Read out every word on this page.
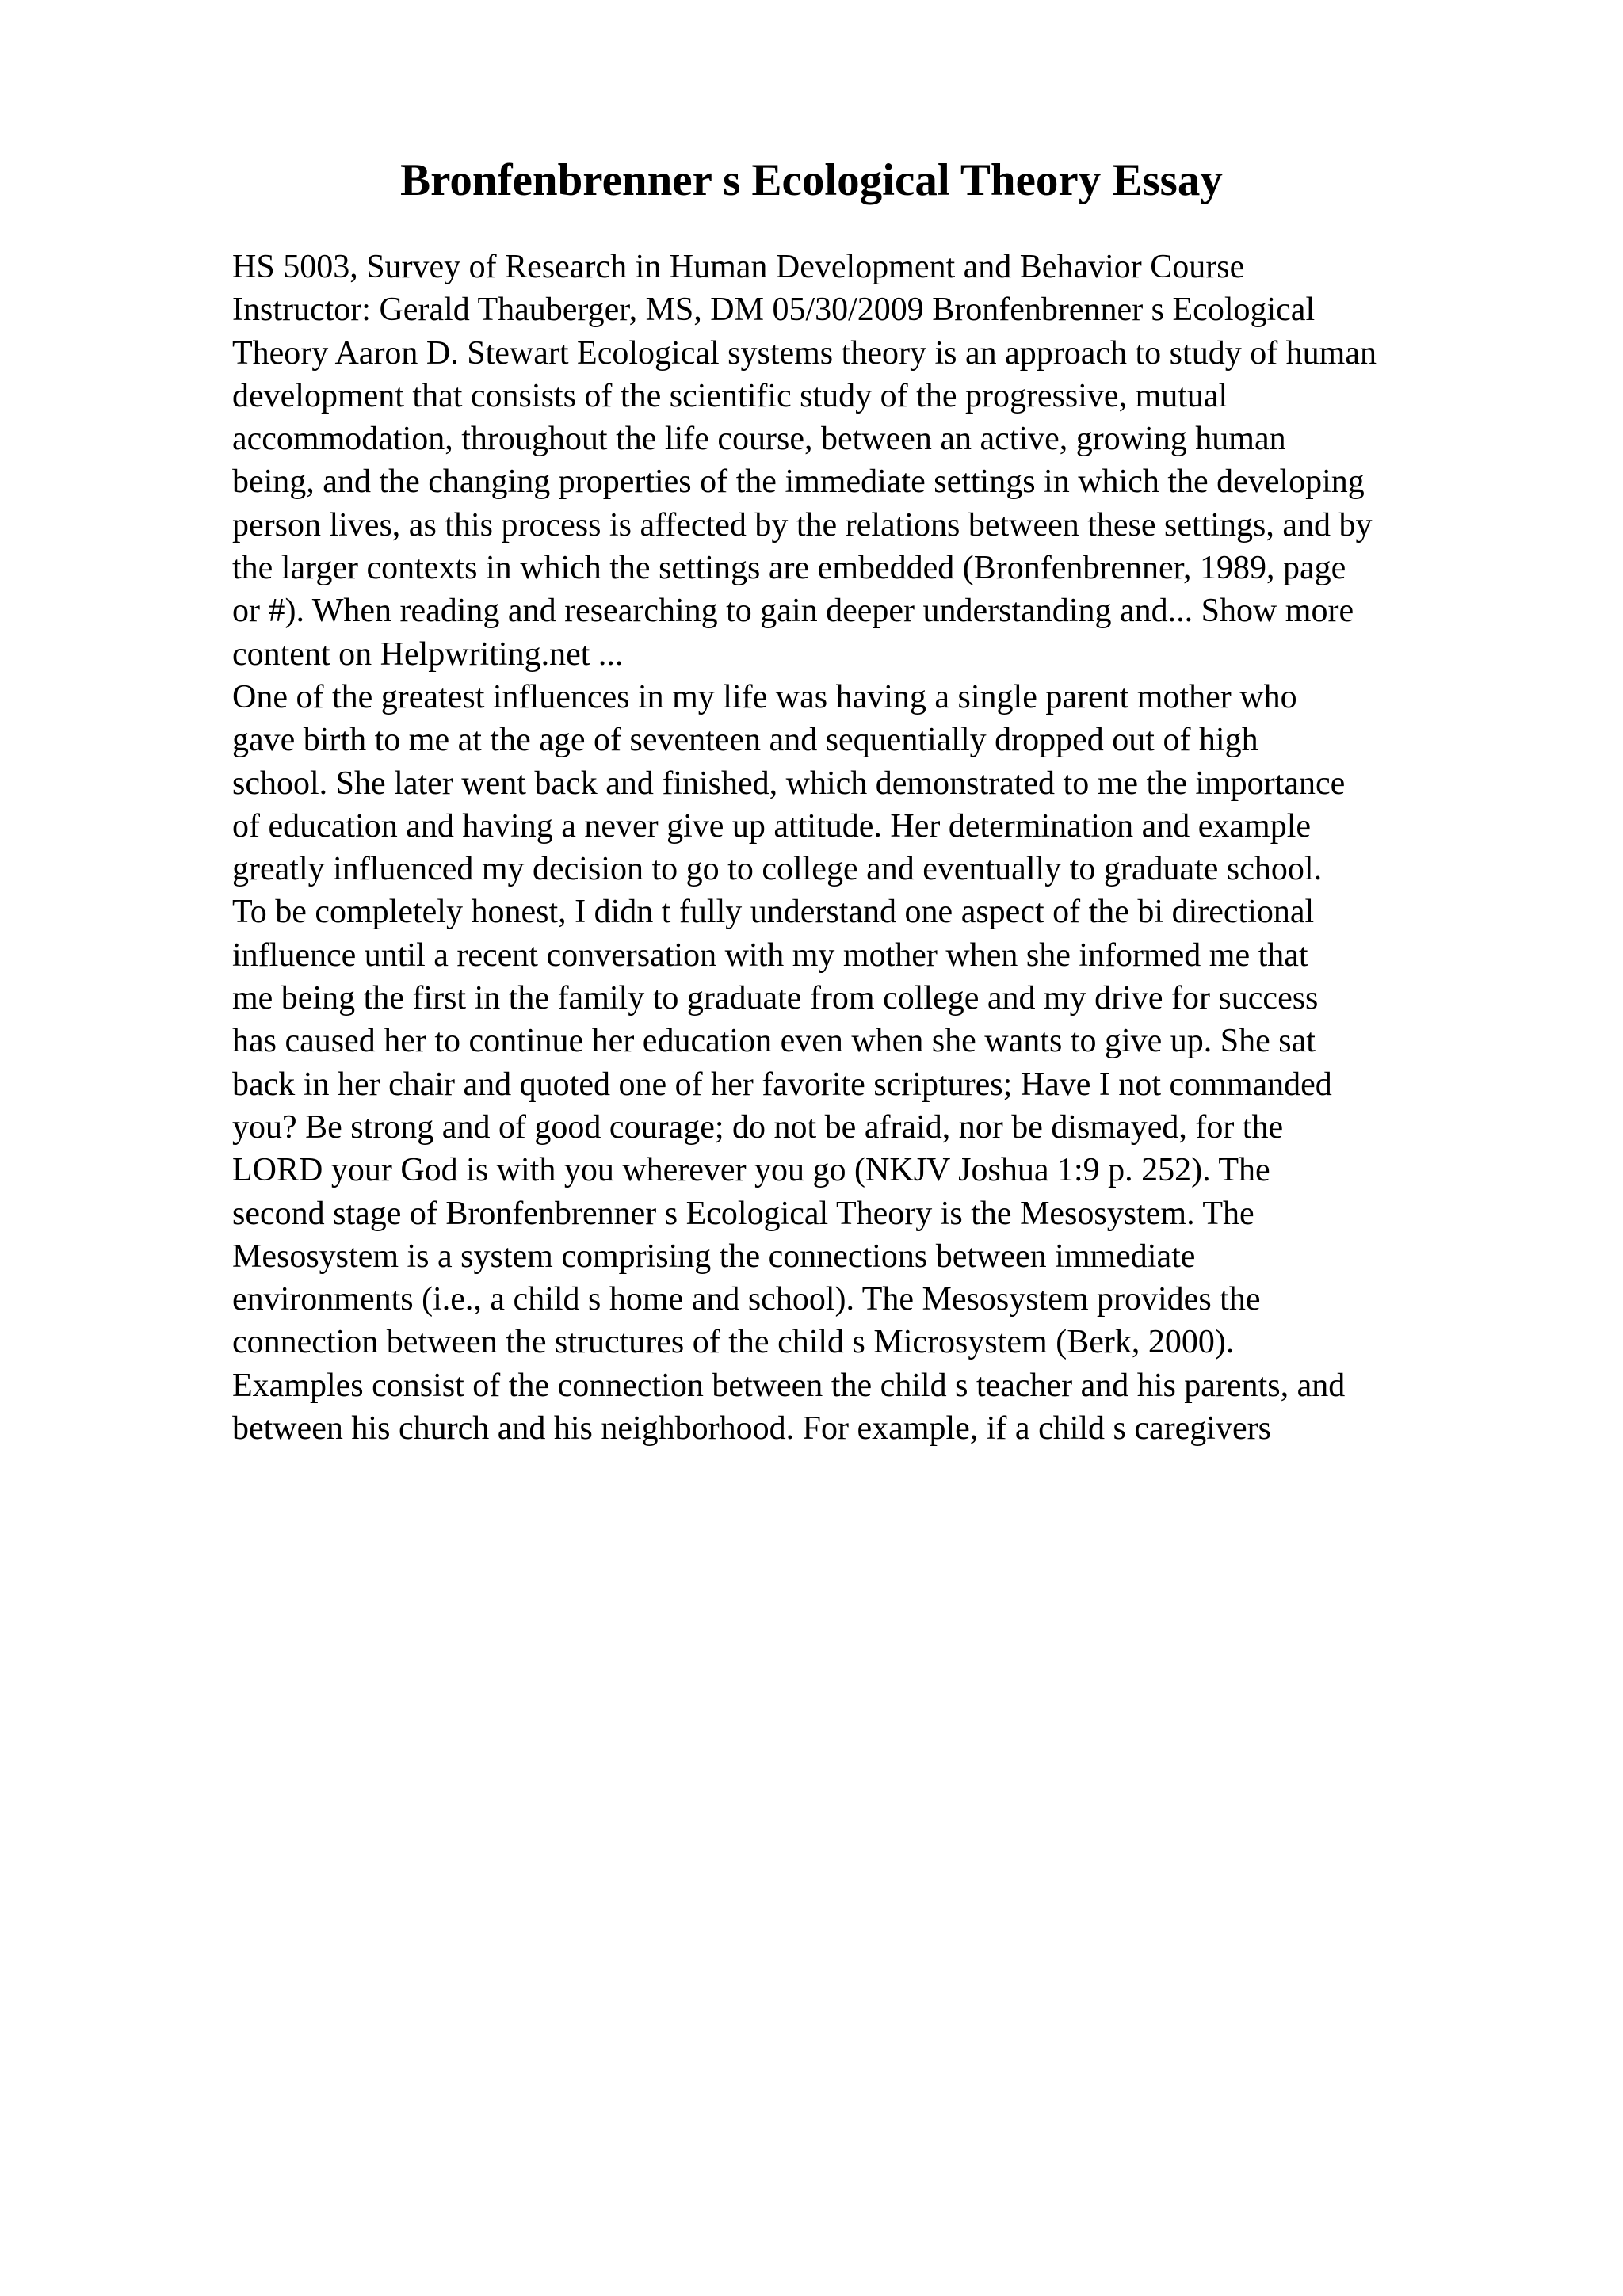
Bronfenbrenner s Ecological Theory Essay
HS 5003, Survey of Research in Human Development and Behavior Course
Instructor: Gerald Thauberger, MS, DM 05/30/2009 Bronfenbrenner s Ecological
Theory Aaron D. Stewart Ecological systems theory is an approach to study of human
development that consists of the scientific study of the progressive, mutual
accommodation, throughout the life course, between an active, growing human
being, and the changing properties of the immediate settings in which the developing
person lives, as this process is affected by the relations between these settings, and by
the larger contexts in which the settings are embedded (Bronfenbrenner, 1989, page
or #). When reading and researching to gain deeper understanding and... Show more
content on Helpwriting.net ...
One of the greatest influences in my life was having a single parent mother who
gave birth to me at the age of seventeen and sequentially dropped out of high
school. She later went back and finished, which demonstrated to me the importance
of education and having a never give up attitude. Her determination and example
greatly influenced my decision to go to college and eventually to graduate school.
To be completely honest, I didn t fully understand one aspect of the bi directional
influence until a recent conversation with my mother when she informed me that
me being the first in the family to graduate from college and my drive for success
has caused her to continue her education even when she wants to give up. She sat
back in her chair and quoted one of her favorite scriptures; Have I not commanded
you? Be strong and of good courage; do not be afraid, nor be dismayed, for the
LORD your God is with you wherever you go (NKJV Joshua 1:9 p. 252). The
second stage of Bronfenbrenner s Ecological Theory is the Mesosystem. The
Mesosystem is a system comprising the connections between immediate
environments (i.e., a child s home and school). The Mesosystem provides the
connection between the structures of the child s Microsystem (Berk, 2000).
Examples consist of the connection between the child s teacher and his parents, and
between his church and his neighborhood. For example, if a child s caregivers
